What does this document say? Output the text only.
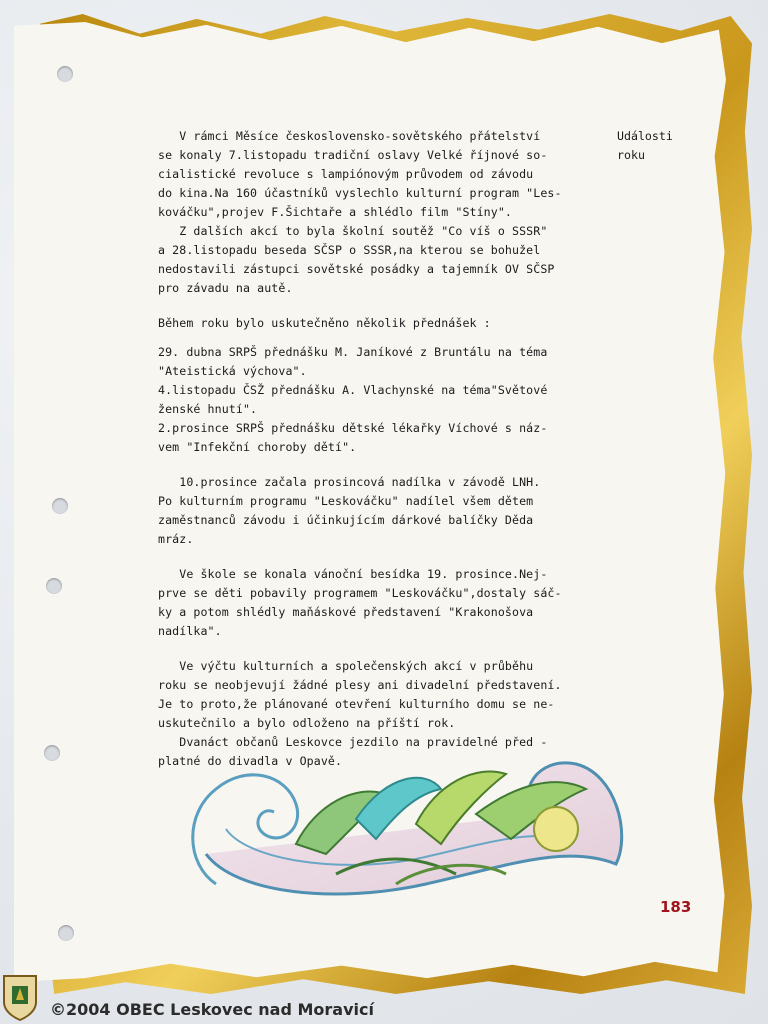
V rámci Měsíce československo-sovětského přátelství
se konaly 7.listopadu tradiční oslavy Velké říjnové so-
cialistické revoluce s lampiónovým průvodem od závodu
do kina.Na 160 účastníků vyslechlo kulturní program "Les-
kováčku",projev F.Šichtaře a shlédlo film "Stíny".
Z dalších akcí to byla školní soutěž "Co víš o SSSR"
a 28.listopadu beseda SČSP o SSSR,na kterou se bohužel
nedostavili zástupci sovětské posádky a tajemník OV SČSP
pro závadu na autě.
Během roku bylo uskutečněno několik přednášek :
29. dubna SRPŠ přednášku M. Janíkové z Bruntálu na téma
"Ateistická výchova".
4.listopadu ČSŽ přednášku A. Vlachynské na téma"Světové
ženské hnutí".
2.prosince SRPŠ přednášku dětské lékařky Víchové s náz-
vem "Infekční choroby dětí".
10.prosince začala prosincová nadílka v závodě LNH.
Po kulturním programu "Leskováčku" nadílel všem dětem
zaměstnanců závodu i účinkujícím dárkové balíčky Děda
mráz.
Ve škole se konala vánoční besídka 19. prosince.Nej-
prve se děti pobavily programem "Leskováčku",dostaly sáč-
ky a potom shlédly maňáskové představení "Krakonošova
nadílka".
Ve výčtu kulturních a společenských akcí v průběhu
roku se neobjevují žádné plesy ani divadelní představení.
Je to proto,že plánované otevření kulturního domu se ne-
uskutečnilo a bylo odloženo na příští rok.
Dvanáct občanů Leskovce jezdilo na pravidelné před -
platné do divadla v Opavě.
Události
roku
183
©2004 OBEC Leskovec nad Moravicí
